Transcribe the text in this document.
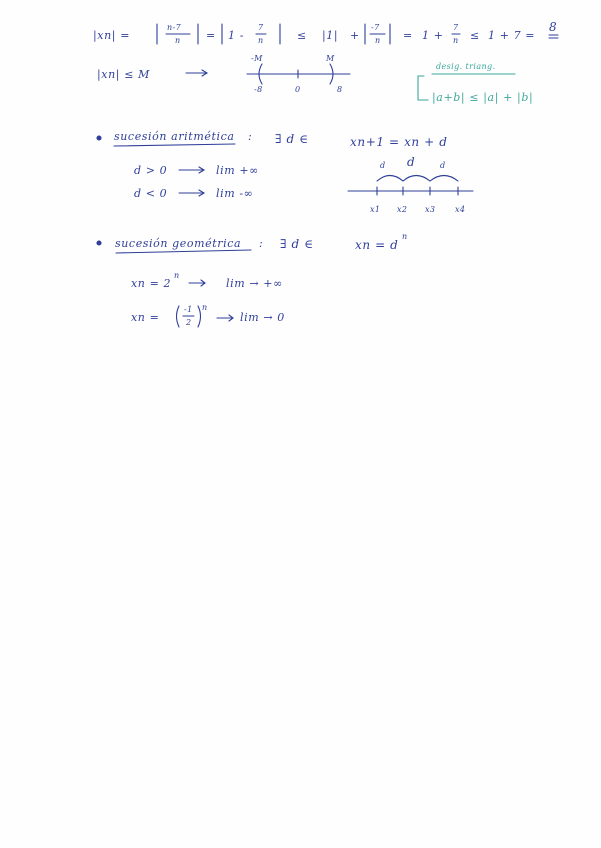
|xn| =
n-7
n = 1 -
7
n	≤ |1| +
-7
n = 1 +
7
n ≤ 1 + 7 =
8
|xn| ≤ M
-M	M
-8	0	8
desig. triang.
|a+b| ≤ |a| + |b|
sucesión aritmética : ∃ d ∈	xn+1 = xn + d
d > 0	lim +∞
d < 0	lim -∞
d d	d
x1 x2 x3 x4
sucesión geométrica : ∃ d ∈	xn = d
n
xn = 2
n
lim → +∞
xn =
-1
2
n
lim → 0
